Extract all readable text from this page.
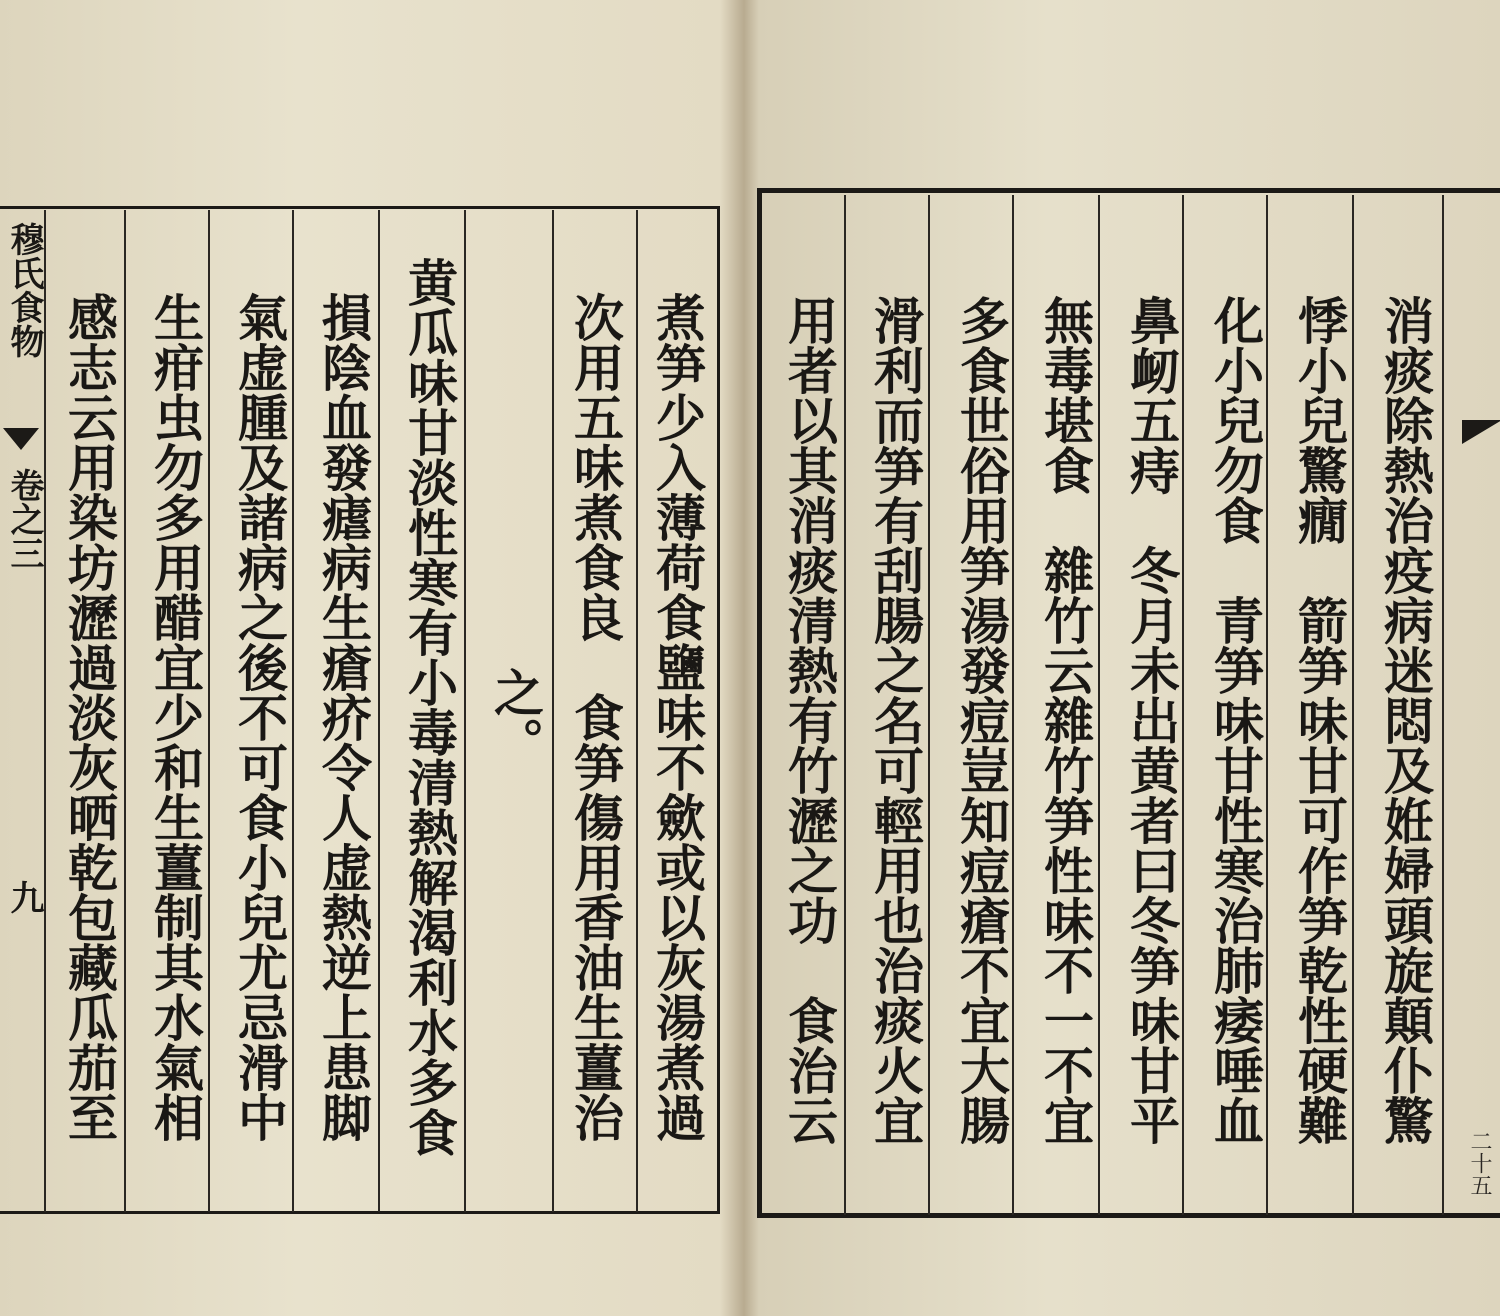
穆氏食物
卷之三
九	煮笋少入薄荷食鹽味不歛或以灰湯煮過
次用五味煮食良　食笋傷用香油生薑治
之。
黄瓜味甘淡性寒有小毒清熱解渴利水多食
損陰血發瘧病生瘡疥令人虚熱逆上患脚
氣虚腫及諸病之後不可食小兒尤忌滑中
生疳虫勿多用醋宜少和生薑制其水氣相
感志云用染坊瀝過淡灰晒乾包藏瓜茄至
二十五
消痰除熱治疫病迷悶及姙婦頭旋顛仆驚
悸小兒驚癇　箭笋味甘可作笋乾性硬難
化小兒勿食　青笋味甘性寒治肺痿唾血
鼻衂五痔　冬月未出黄者曰冬笋味甘平
無毒堪食　雜竹云雜竹笋性味不一不宜
多食世俗用笋湯發痘豈知痘瘡不宜大腸
滑利而笋有刮腸之名可輕用也治痰火宜
用者以其消痰清熱有竹瀝之功　食治云
